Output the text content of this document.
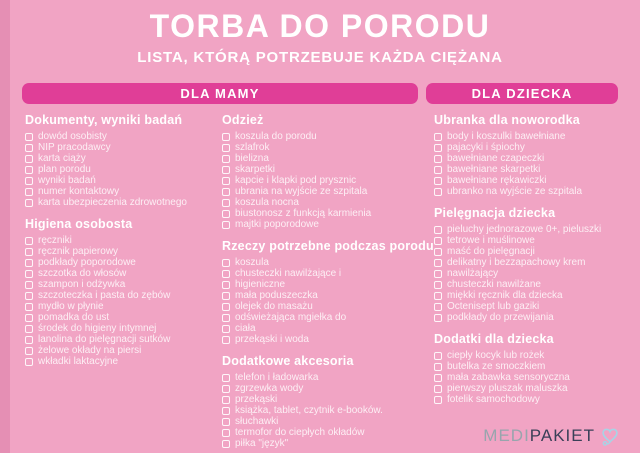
TORBA DO PORODU
LISTA, KTÓRĄ POTRZEBUJE KAŻDA CIĘŻANA
DLA MAMY	DLA DZIECKA
Dokumenty, wyniki badań
dowód osobisty
NIP pracodawcy
karta ciąży
plan porodu
wyniki badań
numer kontaktowy
karta ubezpieczenia zdrowotnego
Higiena osobosta
ręczniki
ręcznik papierowy
podkłady poporodowe
szczotka do włosów
szampon i odżywka
szczoteczka i pasta do zębów
mydło w płynie
pomadka do ust
środek do higieny intymnej
lanolina do pielęgnacji sutków
żelowe okłady na piersi
wkładki laktacyjne
Odzież
koszula do porodu
szlafrok
bielizna
skarpetki
kapcie i klapki pod prysznic
ubrania na wyjście ze szpitala
koszula nocna
biustonosz z funkcją karmienia
majtki poporodowe
Rzeczy potrzebne podczas porodu
koszula
chusteczki nawilżające i
higieniczne
mała poduszeczka
olejek do masażu
odświeżająca mgiełka do
ciała
przekąski i woda
Dodatkowe akcesoria
telefon i ładowarka
zgrzewka wody
przekąski
książka, tablet, czytnik e-booków.
słuchawki
termofor do ciepłych okładów
piłka "język"
Ubranka dla noworodka
body i koszulki bawełniane
pajacyki i śpiochy
bawełniane czapeczki
bawełniane skarpetki
bawełniane rękawiczki
ubranko na wyjście ze szpitala
Pielęgnacja dziecka
pieluchy jednorazowe 0+, pieluszki
tetrowe i muślinowe
maść do pielęgnacji
delikatny i bezzapachowy krem
nawilżający
chusteczki nawilżane
miękki ręcznik dla dziecka
Octenisept lub gaziki
podkłady do przewijania
Dodatki dla dziecka
ciepły kocyk lub rożek
butelka ze smoczkiem
mała zabawka sensoryczna
pierwszy pluszak maluszka
fotelik samochodowy
MEDI PAKIET
